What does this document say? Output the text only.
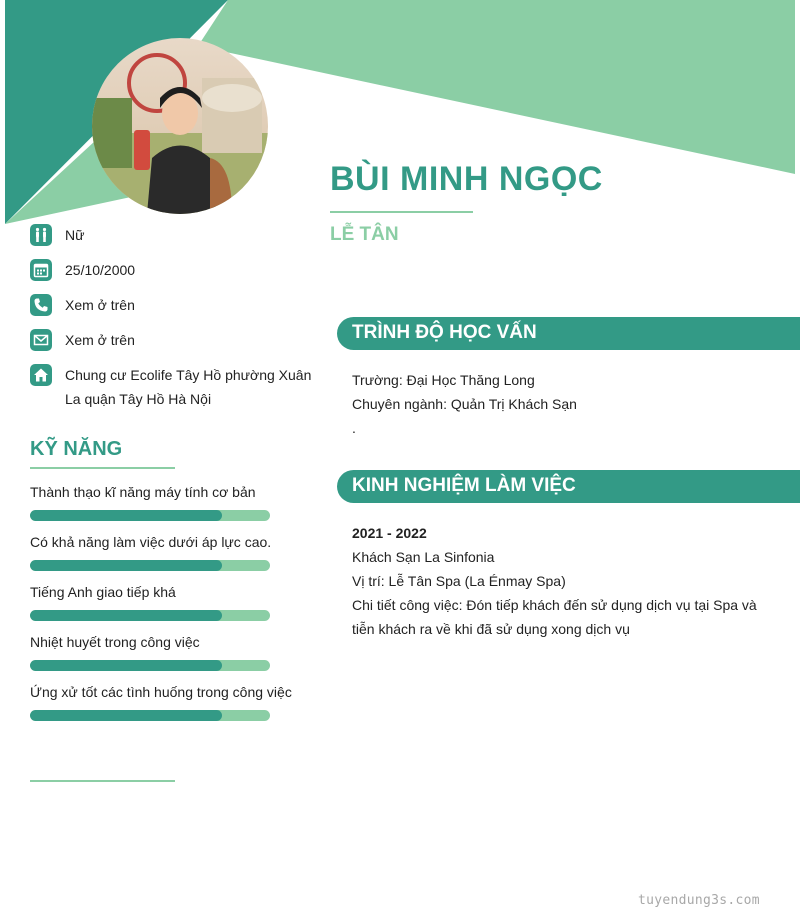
BÙI MINH NGỌC
LỄ TÂN
Nữ
25/10/2000
Xem ở trên
Xem ở trên
Chung cư Ecolife Tây Hồ phường Xuân La quận Tây Hồ Hà Nội
KỸ NĂNG
Thành thạo kĩ năng máy tính cơ bản
Có khả năng làm việc dưới áp lực cao.
Tiếng Anh giao tiếp khá
Nhiệt huyết trong công việc
Ứng xử tốt các tình huống trong công việc
TRÌNH ĐỘ HỌC VẤN
Trường: Đại Học Thăng Long
Chuyên ngành: Quản Trị Khách Sạn
.
KINH NGHIỆM LÀM VIỆC
2021 - 2022
Khách Sạn La Sinfonia
Vị trí: Lễ Tân Spa (La Énmay Spa)
Chi tiết công việc: Đón tiếp khách đến sử dụng dịch vụ tại Spa và tiễn khách ra về khi đã sử dụng xong dịch vụ
tuyendung3s.com
